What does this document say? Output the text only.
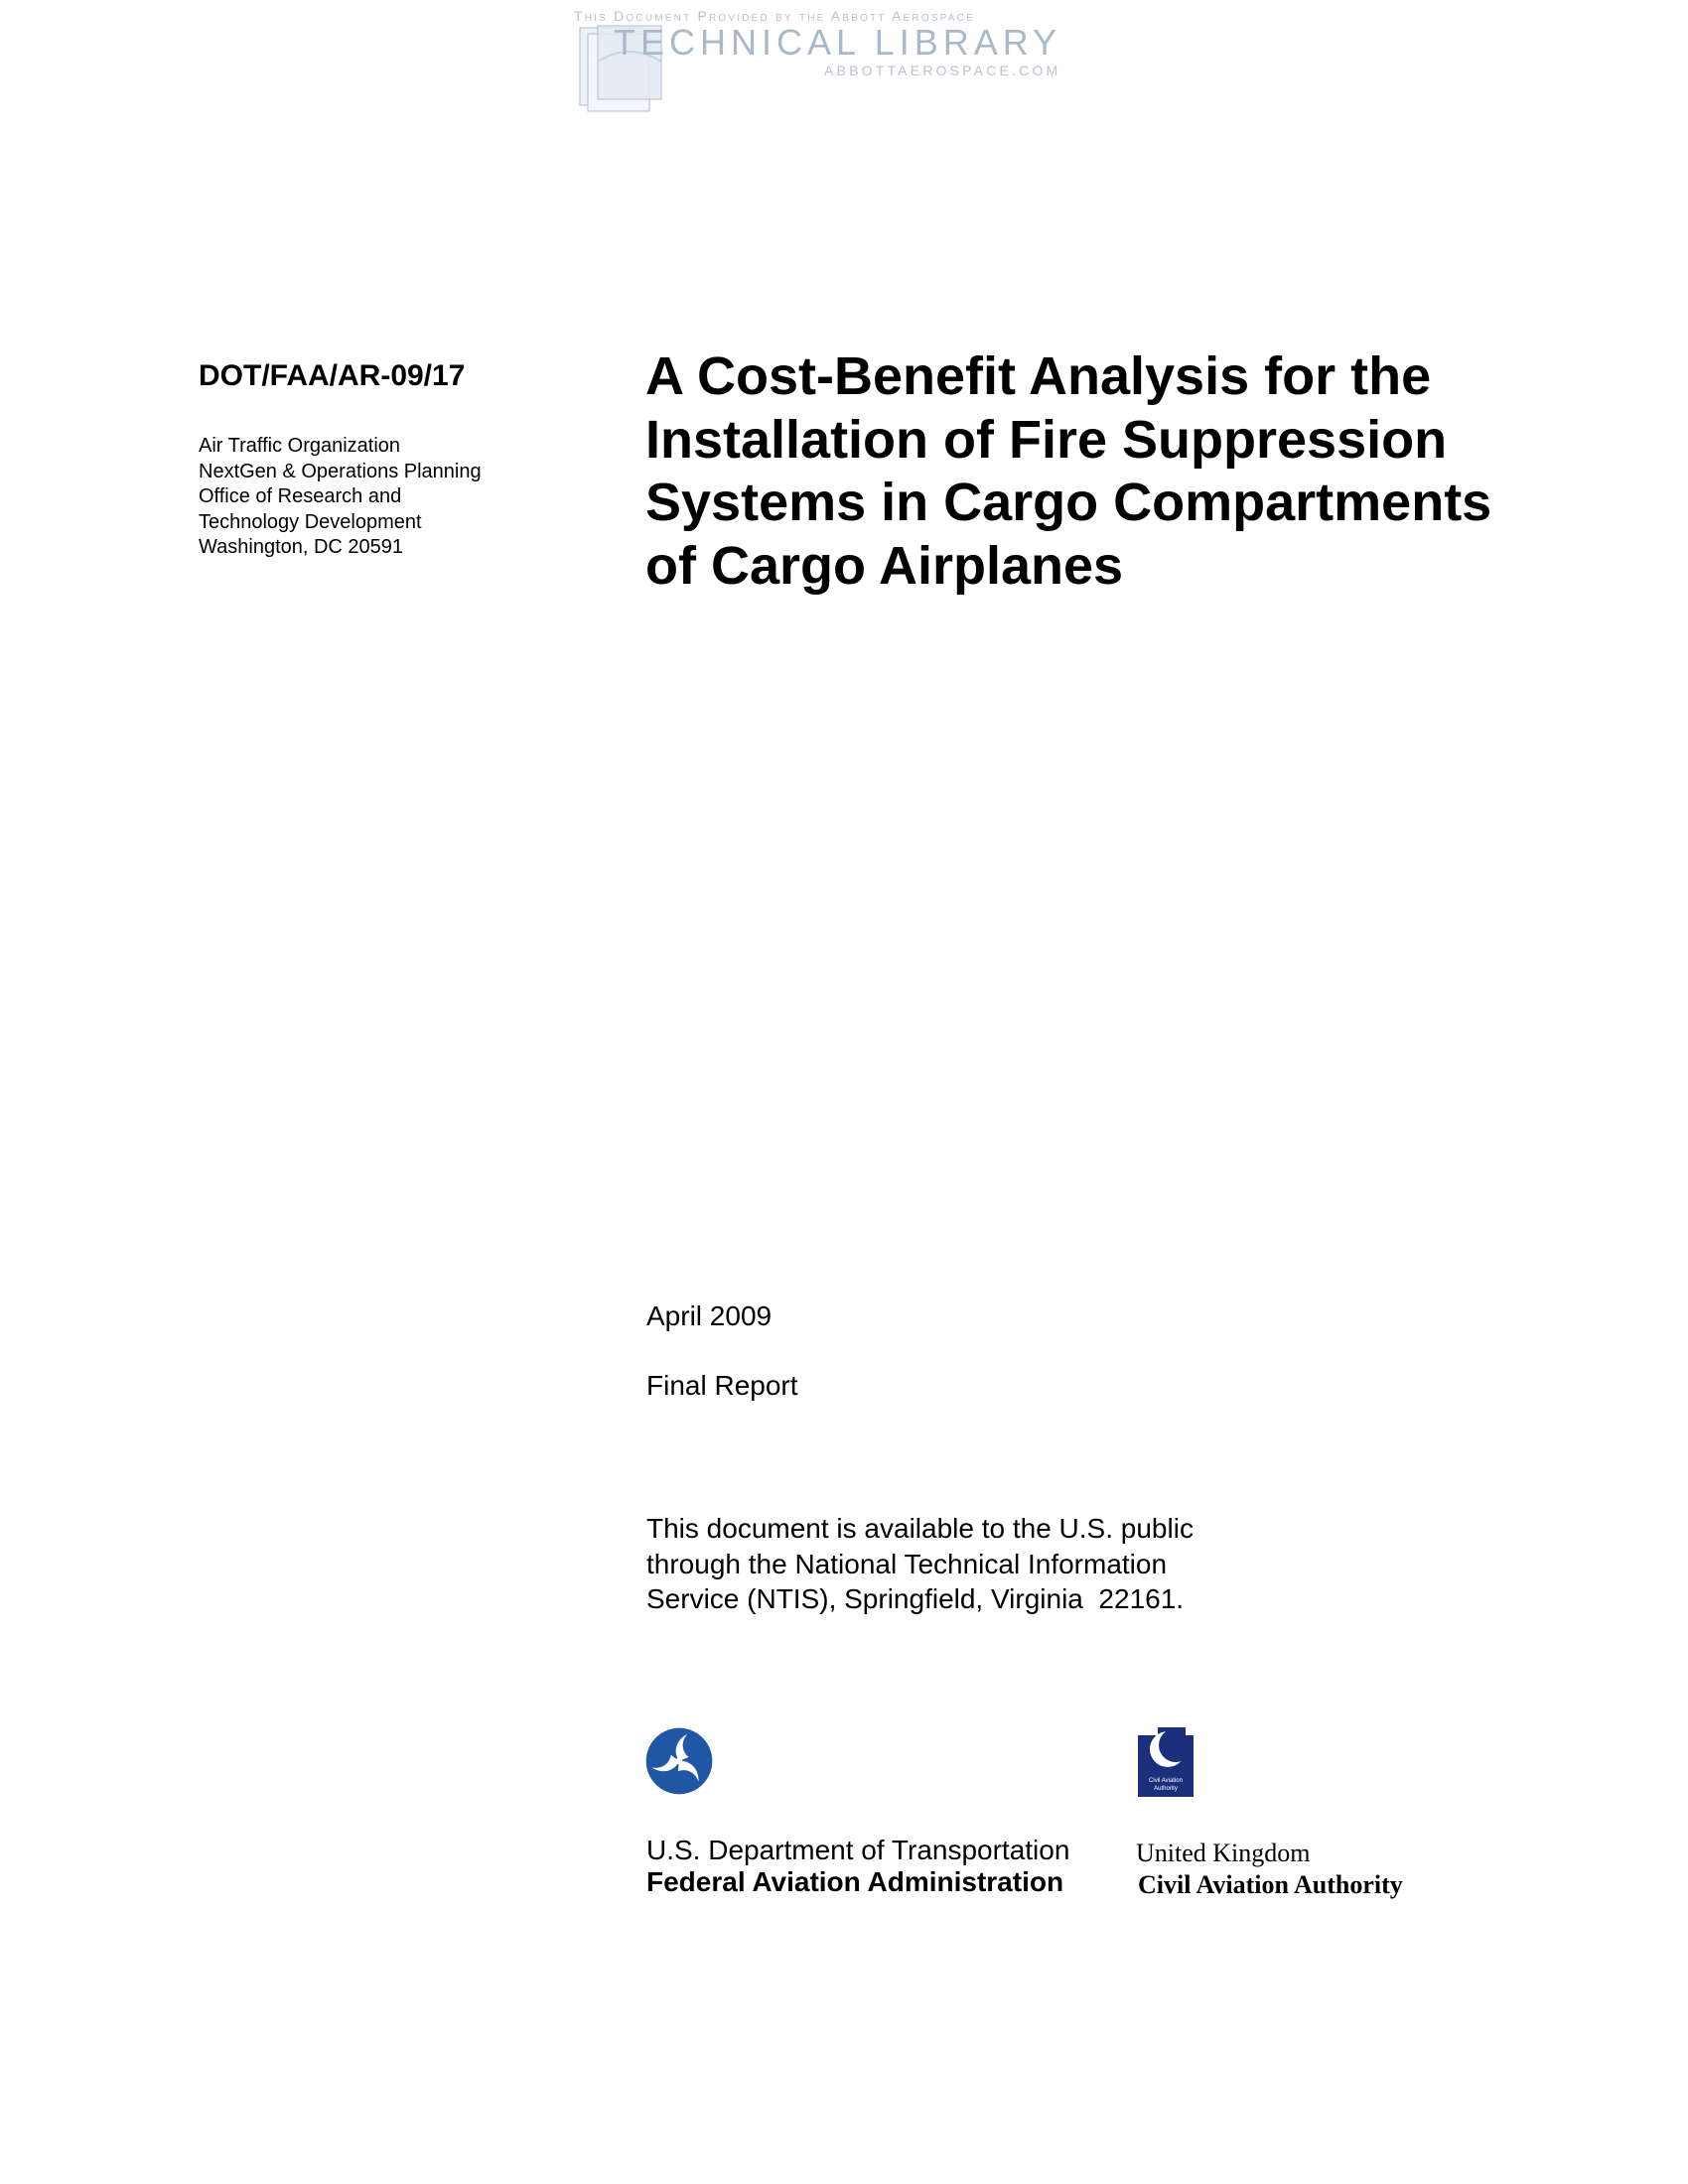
This Document Provided by the Abbott Aerospace
TECHNICAL LIBRARY
ABBOTTAEROSPACE.COM
DOT/FAA/AR-09/17
Air Traffic Organization
NextGen & Operations Planning
Office of Research and
Technology Development
Washington, DC 20591
A Cost-Benefit Analysis for the
Installation of Fire Suppression
Systems in Cargo Compartments
of Cargo Airplanes
April 2009
Final Report
This document is available to the U.S. public
through the National Technical Information
Service (NTIS), Springfield, Virginia  22161.
Civil Aviation
Authority
U.S. Department of Transportation
Federal Aviation Administration
United Kingdom
Civil Aviation Authority
